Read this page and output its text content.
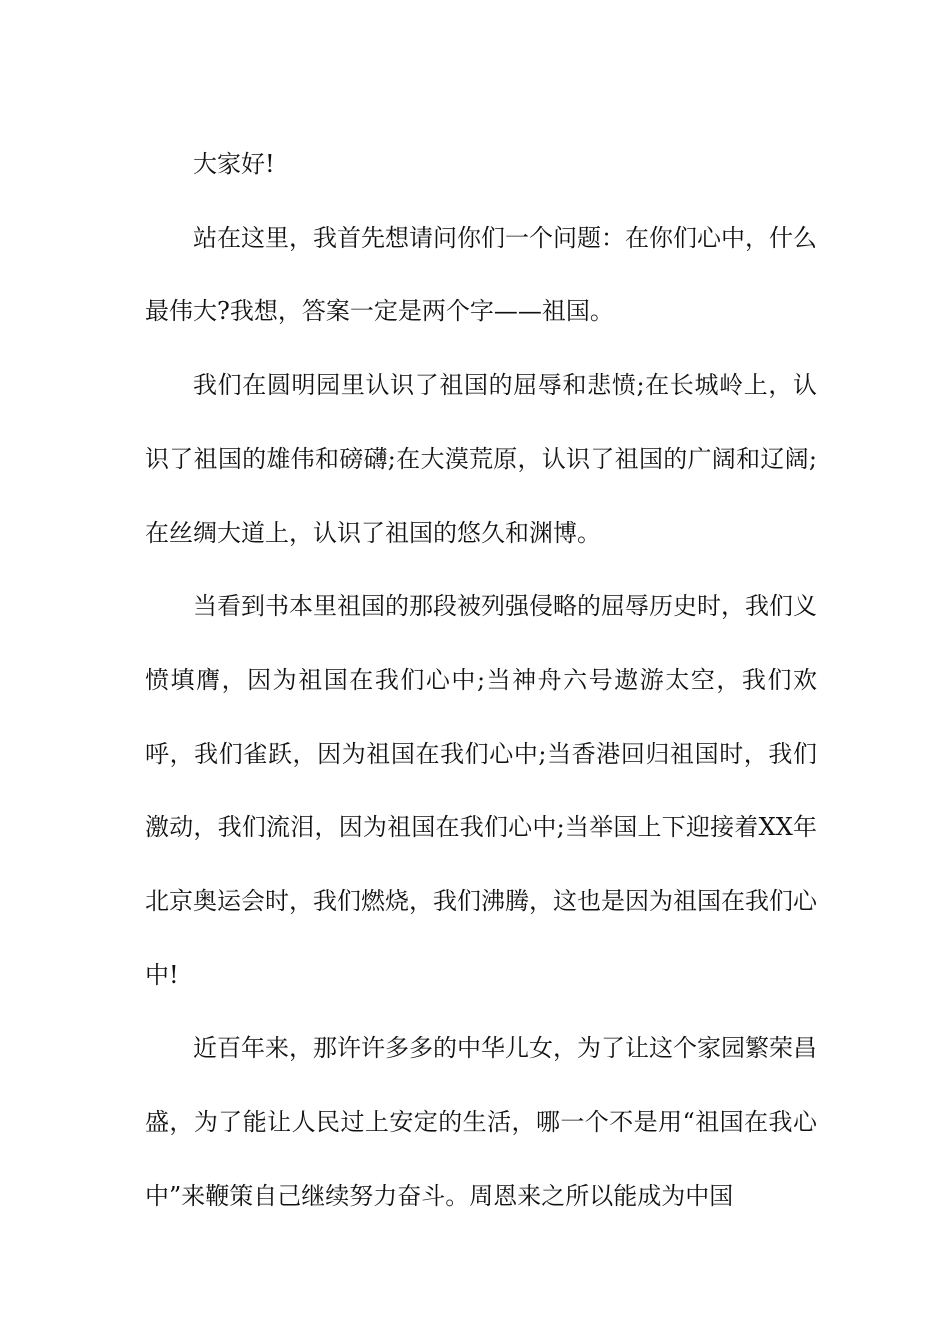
大家好!

站在这里，我首先想请问你们一个问题：在你们心中，什么最伟大?我想，答案一定是两个字——祖国。

我们在圆明园里认识了祖国的屈辱和悲愤;在长城岭上，认识了祖国的雄伟和磅礴;在大漠荒原，认识了祖国的广阔和辽阔;在丝绸大道上，认识了祖国的悠久和渊博。

当看到书本里祖国的那段被列强侵略的屈辱历史时，我们义愤填膺，因为祖国在我们心中;当神舟六号遨游太空，我们欢呼，我们雀跃，因为祖国在我们心中;当香港回归祖国时，我们激动，我们流泪，因为祖国在我们心中;当举国上下迎接着XX年北京奥运会时，我们燃烧，我们沸腾，这也是因为祖国在我们心中!

近百年来，那许许多多的中华儿女，为了让这个家园繁荣昌盛，为了能让人民过上安定的生活，哪一个不是用“祖国在我心中”来鞭策自己继续努力奋斗。周恩来之所以能成为中国
